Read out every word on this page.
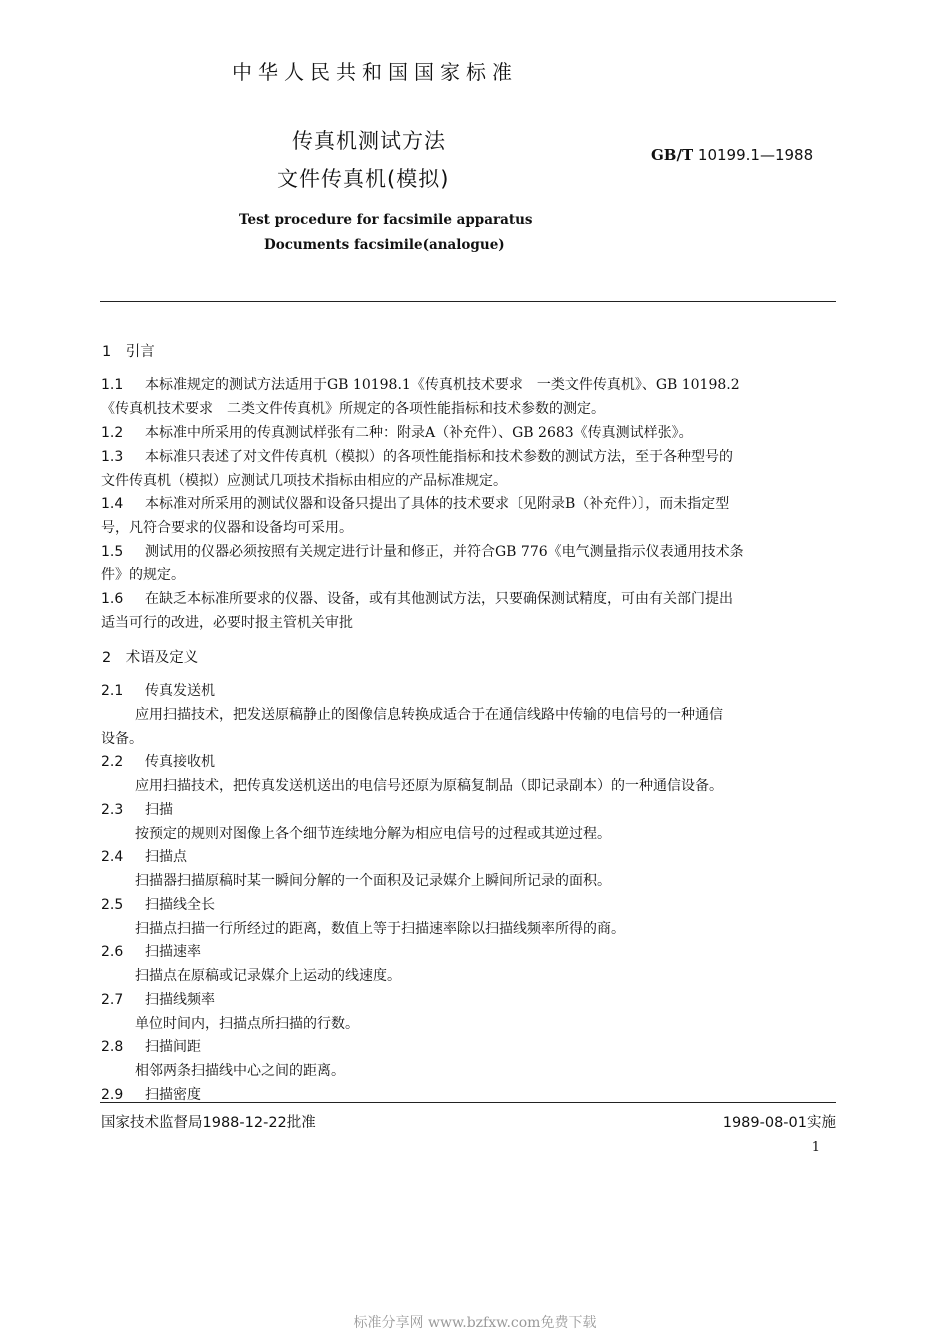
中华人民共和国国家标准
传真机测试方法
文件传真机(模拟)
GB/T 10199.1—1988
Test procedure for facsimile apparatus
Documents facsimile(analogue)
1　引言
1.1 本标准规定的测试方法适用于GB 10198.1《传真机技术要求　一类文件传真机》、GB 10198.2
《传真机技术要求　二类文件传真机》所规定的各项性能指标和技术参数的测定。
1.2 本标准中所采用的传真测试样张有二种：附录A（补充件）、GB 2683《传真测试样张》。
1.3 本标准只表述了对文件传真机（模拟）的各项性能指标和技术参数的测试方法，至于各种型号的
文件传真机（模拟）应测试几项技术指标由相应的产品标准规定。
1.4 本标准对所采用的测试仪器和设备只提出了具体的技术要求〔见附录B（补充件）〕，而未指定型
号，凡符合要求的仪器和设备均可采用。
1.5 测试用的仪器必须按照有关规定进行计量和修正，并符合GB 776《电气测量指示仪表通用技术条
件》的规定。
1.6 在缺乏本标准所要求的仪器、设备，或有其他测试方法，只要确保测试精度，可由有关部门提出
适当可行的改进，必要时报主管机关审批
2　术语及定义
2.1 传真发送机
应用扫描技术，把发送原稿静止的图像信息转换成适合于在通信线路中传输的电信号的一种通信
设备。
2.2 传真接收机
应用扫描技术，把传真发送机送出的电信号还原为原稿复制品（即记录副本）的一种通信设备。
2.3 扫描
按预定的规则对图像上各个细节连续地分解为相应电信号的过程或其逆过程。
2.4 扫描点
扫描器扫描原稿时某一瞬间分解的一个面积及记录媒介上瞬间所记录的面积。
2.5 扫描线全长
扫描点扫描一行所经过的距离，数值上等于扫描速率除以扫描线频率所得的商。
2.6 扫描速率
扫描点在原稿或记录媒介上运动的线速度。
2.7 扫描线频率
单位时间内，扫描点所扫描的行数。
2.8 扫描间距
相邻两条扫描线中心之间的距离。
2.9 扫描密度
国家技术监督局1988-12-22批准	1989-08-01实施
1
标准分享网 www.bzfxw.com免费下载
